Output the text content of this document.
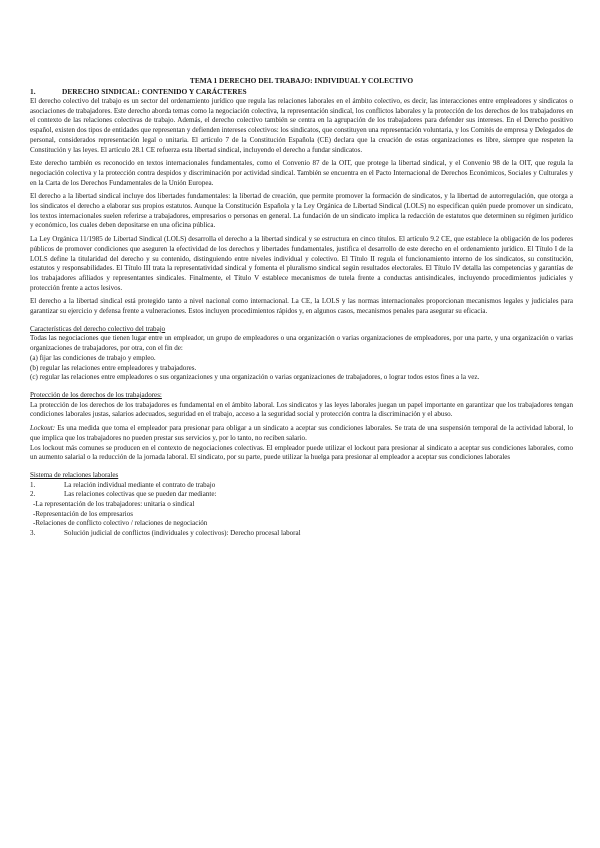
TEMA 1 DERECHO DEL TRABAJO: INDIVIDUAL Y COLECTIVO
1.	DERECHO SINDICAL: CONTENIDO Y CARÁCTERES

El derecho colectivo del trabajo es un sector del ordenamiento jurídico que regula las relaciones laborales en el ámbito colectivo, es decir, las interacciones entre empleadores y sindicatos o asociaciones de trabajadores. Este derecho aborda temas como la negociación colectiva, la representación sindical, los conflictos laborales y la protección de los derechos de los trabajadores en el contexto de las relaciones colectivas de trabajo. Además, el derecho colectivo también se centra en la agrupación de los trabajadores para defender sus intereses. En el Derecho positivo español, existen dos tipos de entidades que representan y defienden intereses colectivos: los sindicatos, que constituyen una representación voluntaria, y los Comités de empresa y Delegados de personal, considerados representación legal o unitaria. El artículo 7 de la Constitución Española (CE) declara que la creación de estas organizaciones es libre, siempre que respeten la Constitución y las leyes. El artículo 28.1 CE refuerza esta libertad sindical, incluyendo el derecho a fundar sindicatos.

Este derecho también es reconocido en textos internacionales fundamentales, como el Convenio 87 de la OIT, que protege la libertad sindical, y el Convenio 98 de la OIT, que regula la negociación colectiva y la protección contra despidos y discriminación por actividad sindical. También se encuentra en el Pacto Internacional de Derechos Económicos, Sociales y Culturales y en la Carta de los Derechos Fundamentales de la Unión Europea.

El derecho a la libertad sindical incluye dos libertades fundamentales: la libertad de creación, que permite promover la formación de sindicatos, y la libertad de autorregulación, que otorga a los sindicatos el derecho a elaborar sus propios estatutos. Aunque la Constitución Española y la Ley Orgánica de Libertad Sindical (LOLS) no especifican quién puede promover un sindicato, los textos internacionales suelen referirse a trabajadores, empresarios o personas en general. La fundación de un sindicato implica la redacción de estatutos que determinen su régimen jurídico y económico, los cuales deben depositarse en una oficina pública.

La Ley Orgánica 11/1985 de Libertad Sindical (LOLS) desarrolla el derecho a la libertad sindical y se estructura en cinco títulos. El artículo 9.2 CE, que establece la obligación de los poderes públicos de promover condiciones que aseguren la efectividad de los derechos y libertades fundamentales, justifica el desarrollo de este derecho en el ordenamiento jurídico. El Título I de la LOLS define la titularidad del derecho y su contenido, distinguiendo entre niveles individual y colectivo. El Título II regula el funcionamiento interno de los sindicatos, su constitución, estatutos y responsabilidades. El Título III trata la representatividad sindical y fomenta el pluralismo sindical según resultados electorales. El Título IV detalla las competencias y garantías de los trabajadores afiliados y representantes sindicales. Finalmente, el Título V establece mecanismos de tutela frente a conductas antisindicales, incluyendo procedimientos judiciales y protección frente a actos lesivos.

El derecho a la libertad sindical está protegido tanto a nivel nacional como internacional. La CE, la LOLS y las normas internacionales proporcionan mecanismos legales y judiciales para garantizar su ejercicio y defensa frente a vulneraciones. Estos incluyen procedimientos rápidos y, en algunos casos, mecanismos penales para asegurar su eficacia.

Características del derecho colectivo del trabajo

Todas las negociaciones que tienen lugar entre un empleador, un grupo de empleadores o una organización o varias organizaciones de empleadores, por una parte, y una organización o varias organizaciones de trabajadores, por otra, con el fin de:

(a) fijar las condiciones de trabajo y empleo.

(b) regular las relaciones entre empleadores y trabajadores.

(c) regular las relaciones entre empleadores o sus organizaciones y una organización o varias organizaciones de trabajadores, o lograr todos estos fines a la vez.

Protección de los derechos de los trabajadores:

La protección de los derechos de los trabajadores es fundamental en el ámbito laboral. Los sindicatos y las leyes laborales juegan un papel importante en garantizar que los trabajadores tengan condiciones laborales justas, salarios adecuados, seguridad en el trabajo, acceso a la seguridad social y protección contra la discriminación y el abuso.

Lockout: Es una medida que toma el empleador para presionar para obligar a un sindicato a aceptar sus condiciones laborales. Se trata de una suspensión temporal de la actividad laboral, lo que implica que los trabajadores no pueden prestar sus servicios y, por lo tanto, no reciben salario.

Los lockout más comunes se producen en el contexto de negociaciones colectivas. El empleador puede utilizar el lockout para presionar al sindicato a aceptar sus condiciones laborales, como un aumento salarial o la reducción de la jornada laboral. El sindicato, por su parte, puede utilizar la huelga para presionar al empleador a aceptar sus condiciones laborales

Sistema de relaciones laborales
1.	La relación individual mediante el contrato de trabajo
2.	Las relaciones colectivas que se pueden dar mediante:
-La representación de los trabajadores: unitaria o sindical
-Representación de los empresarios
-Relaciones de conflicto colectivo / relaciones de negociación
3.	Solución judicial de conflictos (individuales y colectivos): Derecho procesal laboral
